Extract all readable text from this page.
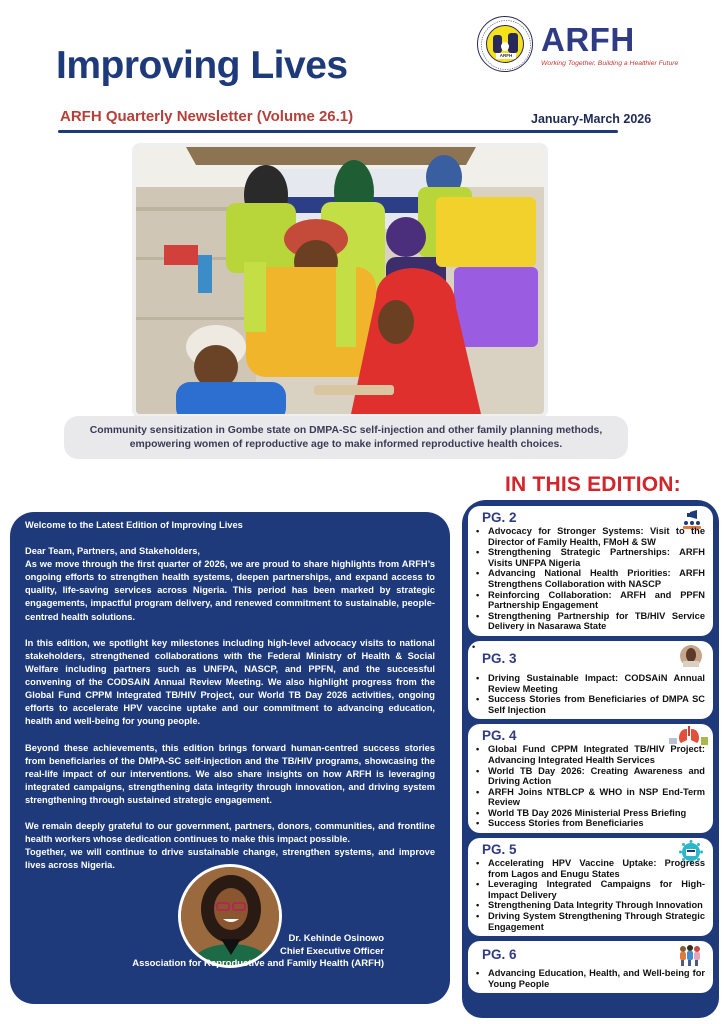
ARFH ARFH
Working Together, Building a Healthier Future
Improving Lives
ARFH Quarterly Newsletter (Volume 26.1)	January-March 2026
Community sensitization in Gombe state on DMPA-SC self-injection and other family planning methods, empowering women of reproductive age to make informed reproductive health choices.

Welcome to the Latest Edition of Improving Lives

Dear Team, Partners, and Stakeholders,

As we move through the first quarter of 2026, we are proud to share highlights from ARFH’s ongoing efforts to strengthen health systems, deepen partnerships, and expand access to quality, life-saving services across Nigeria. This period has been marked by strategic engagements, impactful program delivery, and renewed commitment to sustainable, people-centred health solutions.

In this edition, we spotlight key milestones including high-level advocacy visits to national stakeholders, strengthened collaborations with the Federal Ministry of Health & Social Welfare including partners such as UNFPA, NASCP, and PPFN, and the successful convening of the CODSAiN Annual Review Meeting. We also highlight progress from the Global Fund CPPM Integrated TB/HIV Project, our World TB Day 2026 activities, ongoing efforts to accelerate HPV vaccine uptake and our commitment to advancing education, health and well-being for young people.

Beyond these achievements, this edition brings forward human-centred success stories from beneficiaries of the DMPA-SC self-injection and the TB/HIV programs, showcasing the real-life impact of our interventions. We also share insights on how ARFH is leveraging integrated campaigns, strengthening data integrity through innovation, and driving system strengthening through sustained strategic engagement.

We remain deeply grateful to our government, partners, donors, communities, and frontline health workers whose dedication continues to make this impact possible.

Together, we will continue to drive sustainable change, strengthen systems, and improve lives across Nigeria.

Dr. Kehinde Osinowo
Chief Executive Officer
Association for Reproductive and Family Health (ARFH)
IN THIS EDITION:
PG. 2
• Advocacy for Stronger Systems: Visit to the Director of Family Health, FMoH & SW
• Strengthening Strategic Partnerships: ARFH Visits UNFPA Nigeria
• Advancing National Health Priorities: ARFH Strengthens Collaboration with NASCP
• Reinforcing Collaboration: ARFH and PPFN Partnership Engagement
• Strengthening Partnership for TB/HIV Service Delivery in Nasarawa State
•
PG. 3
• Driving Sustainable Impact: CODSAiN Annual Review Meeting
• Success Stories from Beneficiaries of DMPA SC Self Injection
PG. 4
• Global Fund CPPM Integrated TB/HIV Project: Advancing Integrated Health Services
• World TB Day 2026: Creating Awareness and Driving Action
• ARFH Joins NTBLCP & WHO in NSP End-Term Review
• World TB Day 2026 Ministerial Press Briefing
• Success Stories from Beneficiaries
PG. 5
• Accelerating HPV Vaccine Uptake: Progress from Lagos and Enugu States
• Leveraging Integrated Campaigns for High-Impact Delivery
• Strengthening Data Integrity Through Innovation
• Driving System Strengthening Through Strategic Engagement
PG. 6
• Advancing Education, Health, and Well-being for Young People
